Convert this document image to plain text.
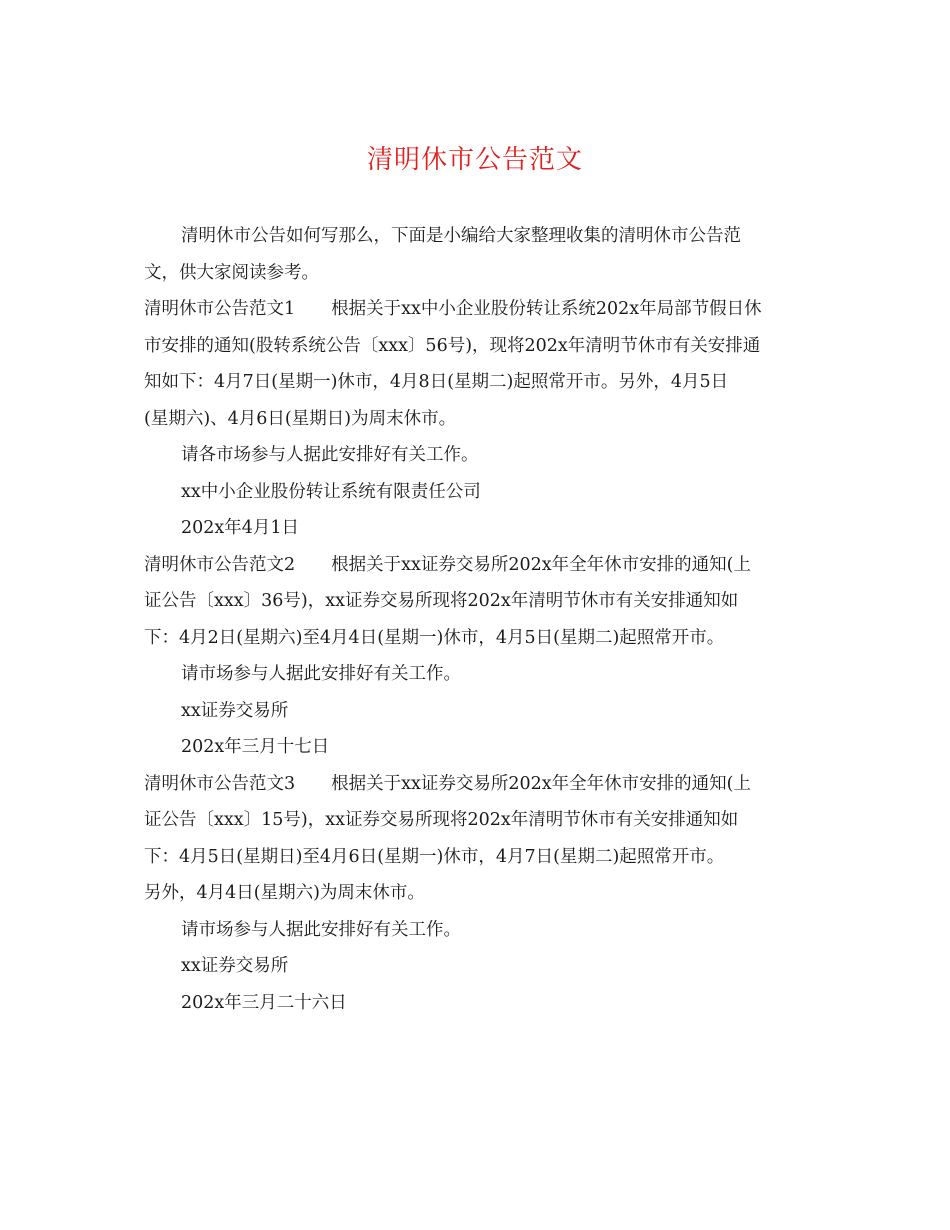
清明休市公告范文

清明休市公告如何写那么，下面是小编给大家整理收集的清明休市公告范

文，供大家阅读参考。

清明休市公告范文1 根据关于xx中小企业股份转让系统202x年局部节假日休

市安排的通知(股转系统公告〔xxx〕56号)，现将202x年清明节休市有关安排通

知如下：4月7日(星期一)休市，4月8日(星期二)起照常开市。另外，4月5日

(星期六)、4月6日(星期日)为周末休市。

请各市场参与人据此安排好有关工作。

xx中小企业股份转让系统有限责任公司

202x年4月1日

清明休市公告范文2 根据关于xx证券交易所202x年全年休市安排的通知(上

证公告〔xxx〕36号)，xx证券交易所现将202x年清明节休市有关安排通知如

下：4月2日(星期六)至4月4日(星期一)休市，4月5日(星期二)起照常开市。

请市场参与人据此安排好有关工作。

xx证券交易所

202x年三月十七日

清明休市公告范文3 根据关于xx证券交易所202x年全年休市安排的通知(上

证公告〔xxx〕15号)，xx证券交易所现将202x年清明节休市有关安排通知如

下：4月5日(星期日)至4月6日(星期一)休市，4月7日(星期二)起照常开市。

另外，4月4日(星期六)为周末休市。

请市场参与人据此安排好有关工作。

xx证券交易所

202x年三月二十六日
